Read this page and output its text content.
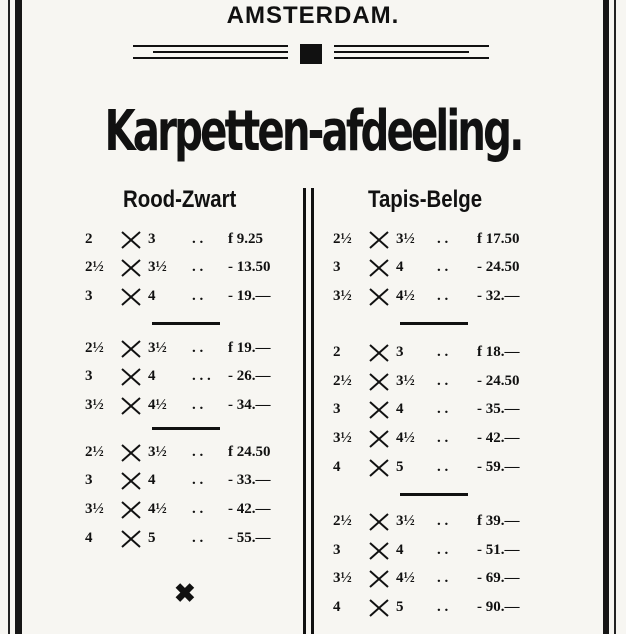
AMSTERDAM.
Karpetten-afdeeling.
Rood-Zwart	Tapis-Belge
2	3 . . f 9.25
2½	3½ . . - 13.50
3	4 . . - 19.—
2½	3½ . . f 19.—
3	4 . . . - 26.—
3½	4½ . . - 34.—
2½	3½ . . f 24.50
3	4 . . - 33.—
3½	4½ . . - 42.—
4	5 . . - 55.—
2½	3½ . . f 17.50
3	4 . . - 24.50
3½	4½ . . - 32.—
2	3 . . f 18.—
2½	3½ . . - 24.50
3	4 . . - 35.—
3½	4½ . . - 42.—
4	5 . . - 59.—
2½	3½ . . f 39.—
3	4 . . - 51.—
3½	4½ . . - 69.—
4	5 . . - 90.—
✖
